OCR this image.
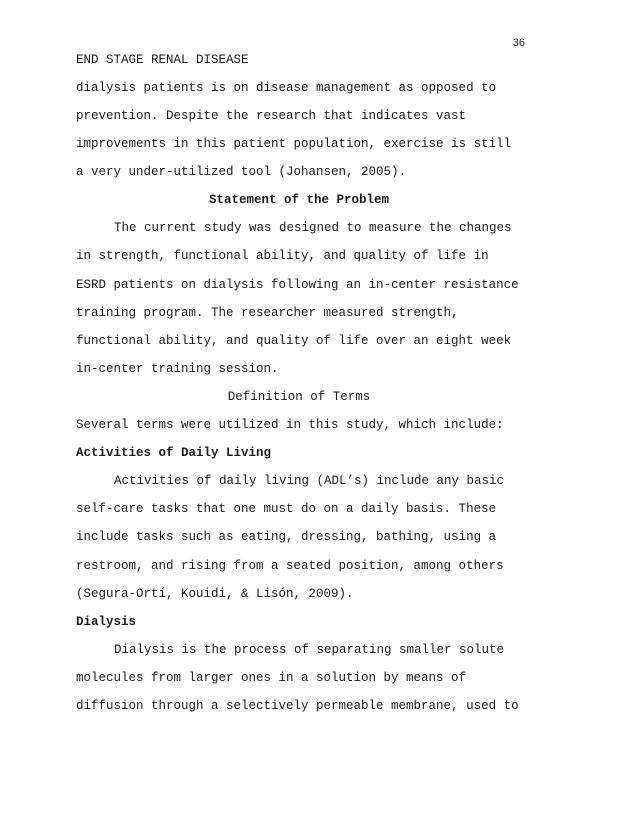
36
END STAGE RENAL DISEASE
dialysis patients is on disease management as opposed to
prevention. Despite the research that indicates vast
improvements in this patient population, exercise is still
a very under-utilized tool (Johansen, 2005).
Statement of the Problem
The current study was designed to measure the changes
in strength, functional ability, and quality of life in
ESRD patients on dialysis following an in-center resistance
training program. The researcher measured strength,
functional ability, and quality of life over an eight week
in-center training session.
Definition of Terms
Several terms were utilized in this study, which include:
Activities of Daily Living
Activities of daily living (ADL’s) include any basic
self-care tasks that one must do on a daily basis. These
include tasks such as eating, dressing, bathing, using a
restroom, and rising from a seated position, among others
(Segura-Ortí, Kouidi, & Lisón, 2009).
Dialysis
Dialysis is the process of separating smaller solute
molecules from larger ones in a solution by means of
diffusion through a selectively permeable membrane, used to
